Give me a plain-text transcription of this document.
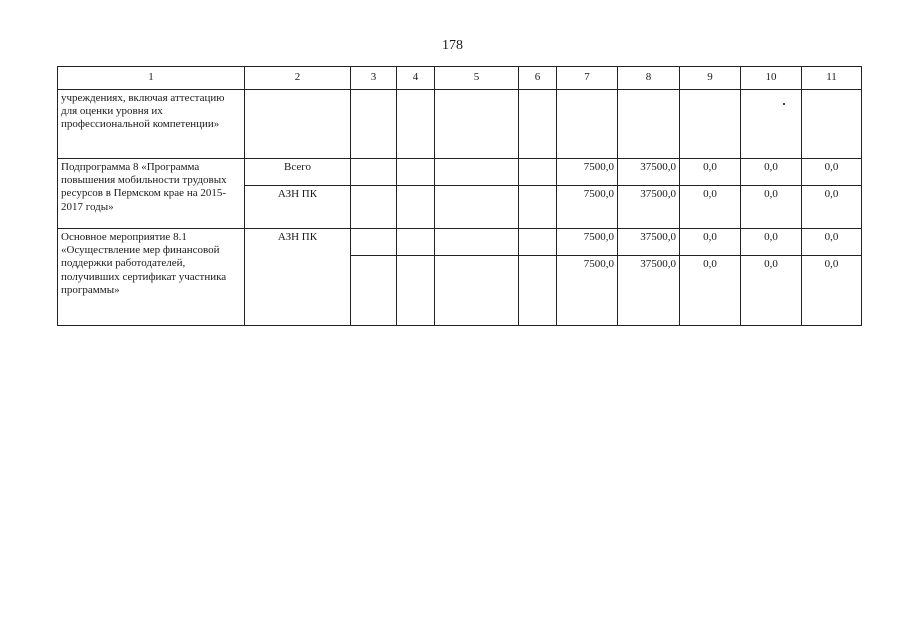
178
1	2	3	4	5	6	7	8	9	10	11
учреждениях, включая аттестацию для оценки уровня их профессиональной компетенции»										
Подпрограмма 8 «Программа повышения мобильности трудовых ресурсов в Пермском крае на 2015-2017 годы»	Всего					7500,0	37500,0	0,0	0,0	0,0
	АЗН ПК					7500,0	37500,0	0,0	0,0	0,0
Основное мероприятие 8.1 «Осуществление мер финансовой поддержки работодателей, получивших сертификат участника программы»	АЗН ПК					7500,0	37500,0	0,0	0,0	0,0
						7500,0	37500,0	0,0	0,0	0,0
